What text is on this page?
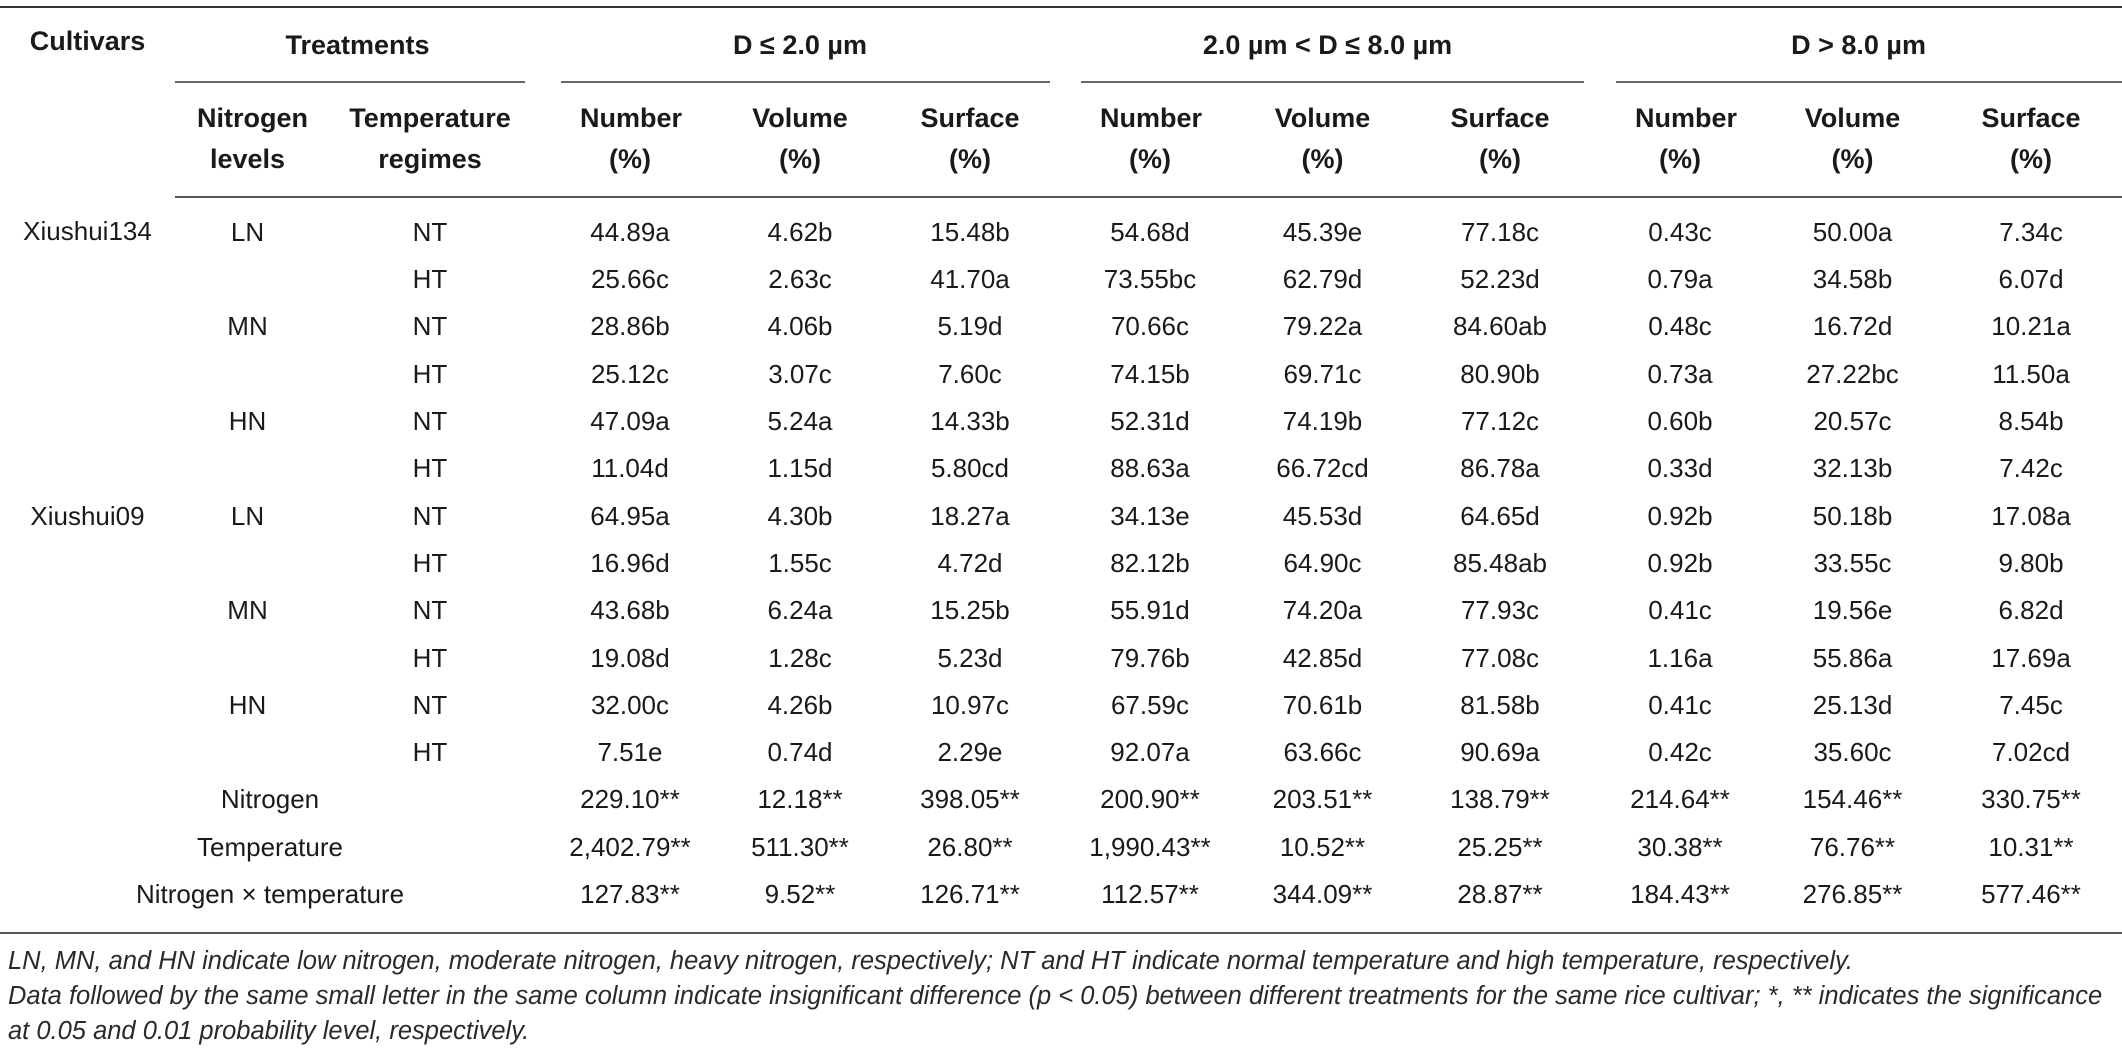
Cultivars	Treatments		D ≤ 2.0 µm			2.0 µm < D ≤ 8.0 µm			D > 8.0 µm		
	Nitrogen levels	Temperature regimes	Number (%)	Volume (%)	Surface (%)	Number (%)	Volume (%)	Surface (%)	Number (%)	Volume (%)	Surface (%)
Xiushui134	LN	NT	44.89a	4.62b	15.48b	54.68d	45.39e	77.18c	0.43c	50.00a	7.34c
		HT	25.66c	2.63c	41.70a	73.55bc	62.79d	52.23d	0.79a	34.58b	6.07d
	MN	NT	28.86b	4.06b	5.19d	70.66c	79.22a	84.60ab	0.48c	16.72d	10.21a
		HT	25.12c	3.07c	7.60c	74.15b	69.71c	80.90b	0.73a	27.22bc	11.50a
	HN	NT	47.09a	5.24a	14.33b	52.31d	74.19b	77.12c	0.60b	20.57c	8.54b
		HT	11.04d	1.15d	5.80cd	88.63a	66.72cd	86.78a	0.33d	32.13b	7.42c
Xiushui09	LN	NT	64.95a	4.30b	18.27a	34.13e	45.53d	64.65d	0.92b	50.18b	17.08a
		HT	16.96d	1.55c	4.72d	82.12b	64.90c	85.48ab	0.92b	33.55c	9.80b
	MN	NT	43.68b	6.24a	15.25b	55.91d	74.20a	77.93c	0.41c	19.56e	6.82d
		HT	19.08d	1.28c	5.23d	79.76b	42.85d	77.08c	1.16a	55.86a	17.69a
	HN	NT	32.00c	4.26b	10.97c	67.59c	70.61b	81.58b	0.41c	25.13d	7.45c
		HT	7.51e	0.74d	2.29e	92.07a	63.66c	90.69a	0.42c	35.60c	7.02cd
Nitrogen			229.10**	12.18**	398.05**	200.90**	203.51**	138.79**	214.64**	154.46**	330.75**
Temperature			2,402.79**	511.30**	26.80**	1,990.43**	10.52**	25.25**	30.38**	76.76**	10.31**
Nitrogen × temperature			127.83**	9.52**	126.71**	112.57**	344.09**	28.87**	184.43**	276.85**	577.46**

LN, MN, and HN indicate low nitrogen, moderate nitrogen, heavy nitrogen, respectively; NT and HT indicate normal temperature and high temperature, respectively.

Data followed by the same small letter in the same column indicate insignificant difference (p < 0.05) between different treatments for the same rice cultivar; *, ** indicates the significance at 0.05 and 0.01 probability level, respectively.
